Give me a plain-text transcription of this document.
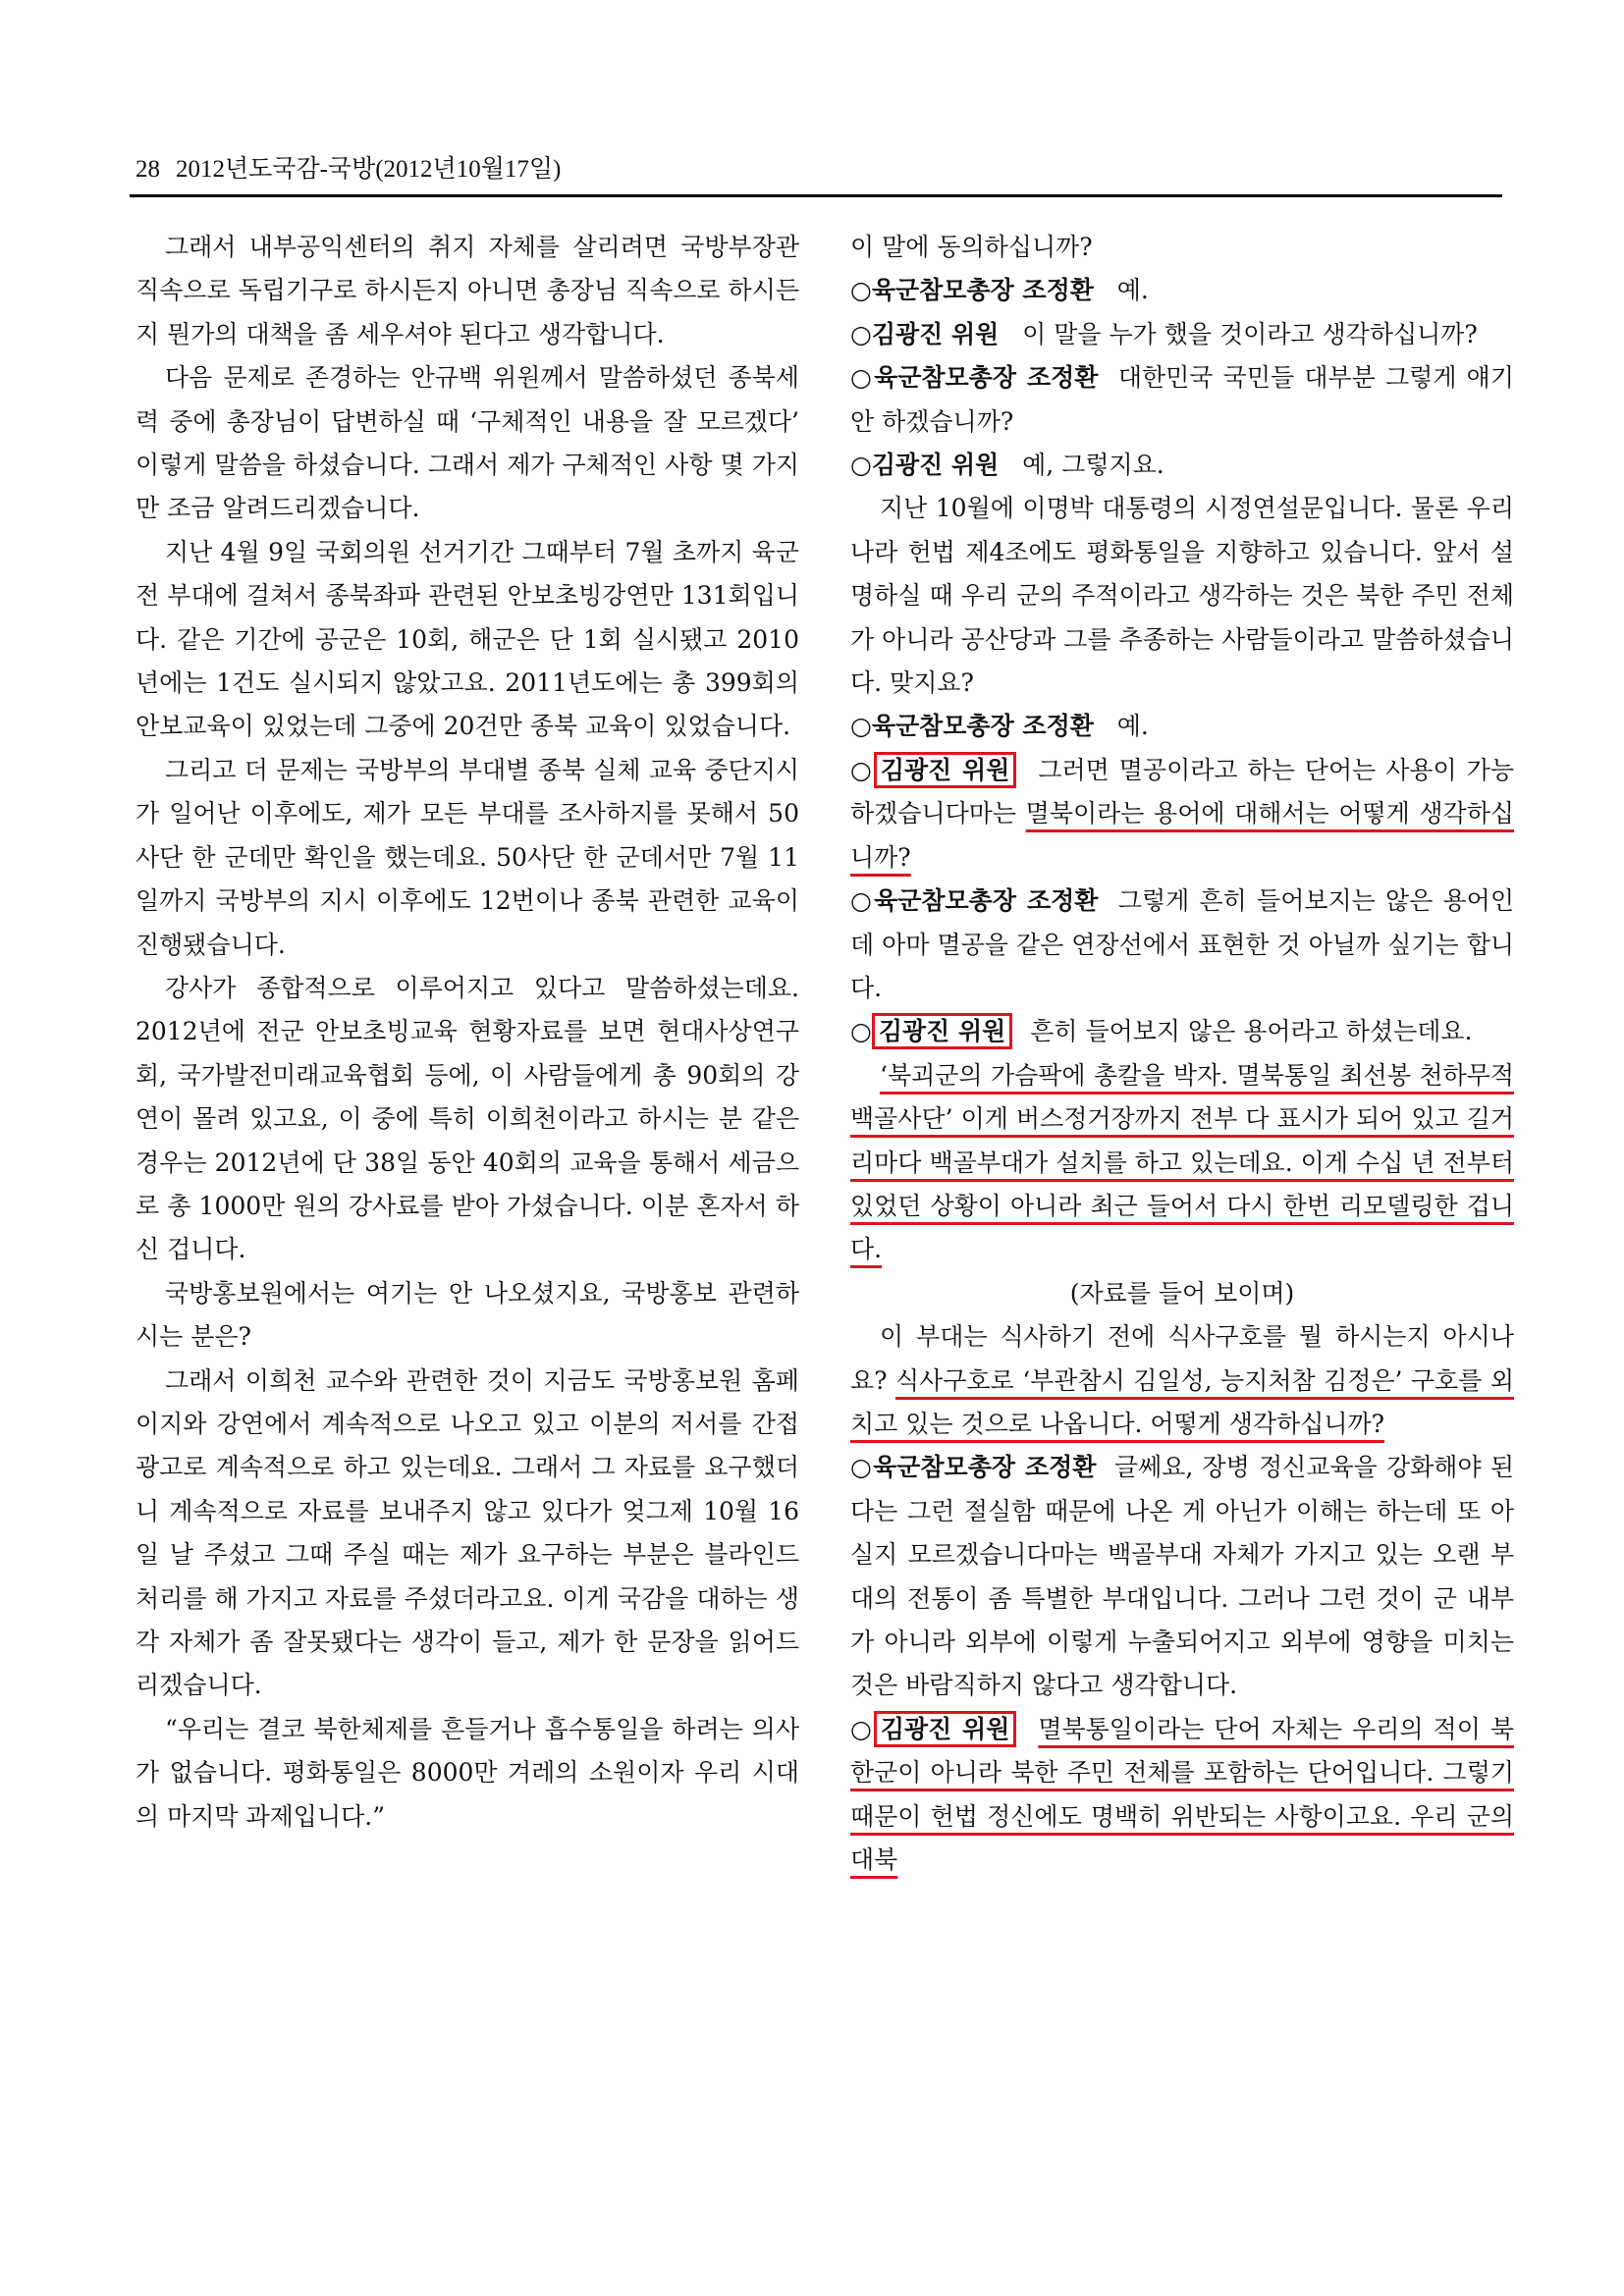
28 2012년도국감-국방(2012년10월17일)

그래서 내부공익센터의 취지 자체를 살리려면 국방부장관 직속으로 독립기구로 하시든지 아니면 총장님 직속으로 하시든지 뭔가의 대책을 좀 세우셔야 된다고 생각합니다.

다음 문제로 존경하는 안규백 위원께서 말씀하셨던 종북세력 중에 총장님이 답변하실 때 ‘구체적인 내용을 잘 모르겠다’ 이렇게 말씀을 하셨습니다. 그래서 제가 구체적인 사항 몇 가지만 조금 알려드리겠습니다.

지난 4월 9일 국회의원 선거기간 그때부터 7월 초까지 육군 전 부대에 걸쳐서 종북좌파 관련된 안보초빙강연만 131회입니다. 같은 기간에 공군은 10회, 해군은 단 1회 실시됐고 2010년에는 1건도 실시되지 않았고요. 2011년도에는 총 399회의 안보교육이 있었는데 그중에 20건만 종북 교육이 있었습니다.

그리고 더 문제는 국방부의 부대별 종북 실체 교육 중단지시가 일어난 이후에도, 제가 모든 부대를 조사하지를 못해서 50사단 한 군데만 확인을 했는데요. 50사단 한 군데서만 7월 11일까지 국방부의 지시 이후에도 12번이나 종북 관련한 교육이 진행됐습니다.

강사가 종합적으로 이루어지고 있다고 말씀하셨는데요. 2012년에 전군 안보초빙교육 현황자료를 보면 현대사상연구회, 국가발전미래교육협회 등에, 이 사람들에게 총 90회의 강연이 몰려 있고요, 이 중에 특히 이희천이라고 하시는 분 같은 경우는 2012년에 단 38일 동안 40회의 교육을 통해서 세금으로 총 1000만 원의 강사료를 받아 가셨습니다. 이분 혼자서 하신 겁니다.

국방홍보원에서는 여기는 안 나오셨지요, 국방홍보 관련하시는 분은?

그래서 이희천 교수와 관련한 것이 지금도 국방홍보원 홈페이지와 강연에서 계속적으로 나오고 있고 이분의 저서를 간접광고로 계속적으로 하고 있는데요. 그래서 그 자료를 요구했더니 계속적으로 자료를 보내주지 않고 있다가 엊그제 10월 16일 날 주셨고 그때 주실 때는 제가 요구하는 부분은 블라인드 처리를 해 가지고 자료를 주셨더라고요. 이게 국감을 대하는 생각 자체가 좀 잘못됐다는 생각이 들고, 제가 한 문장을 읽어드리겠습니다.

“우리는 결코 북한체제를 흔들거나 흡수통일을 하려는 의사가 없습니다. 평화통일은 8000만 겨레의 소원이자 우리 시대의 마지막 과제입니다.”

이 말에 동의하십니까?

○육군참모총장 조정환 예.

○김광진 위원 이 말을 누가 했을 것이라고 생각하십니까?

○육군참모총장 조정환 대한민국 국민들 대부분 그렇게 얘기 안 하겠습니까?

○김광진 위원 예, 그렇지요.

지난 10월에 이명박 대통령의 시정연설문입니다. 물론 우리나라 헌법 제4조에도 평화통일을 지향하고 있습니다. 앞서 설명하실 때 우리 군의 주적이라고 생각하는 것은 북한 주민 전체가 아니라 공산당과 그를 추종하는 사람들이라고 말씀하셨습니다. 맞지요?

○육군참모총장 조정환 예.

○ 김광진 위원 그러면 멸공이라고 하는 단어는 사용이 가능하겠습니다마는 멸북이라는 용어에 대해서는 어떻게 생각하십니까?

○육군참모총장 조정환 그렇게 흔히 들어보지는 않은 용어인데 아마 멸공을 같은 연장선에서 표현한 것 아닐까 싶기는 합니다.

○ 김광진 위원 흔히 들어보지 않은 용어라고 하셨는데요.

‘북괴군의 가슴팍에 총칼을 박자. 멸북통일 최선봉 천하무적 백골사단’ 이게 버스정거장까지 전부 다 표시가 되어 있고 길거리마다 백골부대가 설치를 하고 있는데요. 이게 수십 년 전부터 있었던 상황이 아니라 최근 들어서 다시 한번 리모델링한 겁니다.

(자료를 들어 보이며)

이 부대는 식사하기 전에 식사구호를 뭘 하시는지 아시나요? 식사구호로 ‘부관참시 김일성, 능지처참 김정은’ 구호를 외치고 있는 것으로 나옵니다. 어떻게 생각하십니까?

○육군참모총장 조정환 글쎄요, 장병 정신교육을 강화해야 된다는 그런 절실함 때문에 나온 게 아닌가 이해는 하는데 또 아실지 모르겠습니다마는 백골부대 자체가 가지고 있는 오랜 부대의 전통이 좀 특별한 부대입니다. 그러나 그런 것이 군 내부가 아니라 외부에 이렇게 누출되어지고 외부에 영향을 미치는 것은 바람직하지 않다고 생각합니다.

○ 김광진 위원 멸북통일이라는 단어 자체는 우리의 적이 북한군이 아니라 북한 주민 전체를 포함하는 단어입니다. 그렇기 때문이 헌법 정신에도 명백히 위반되는 사항이고요. 우리 군의 대북
